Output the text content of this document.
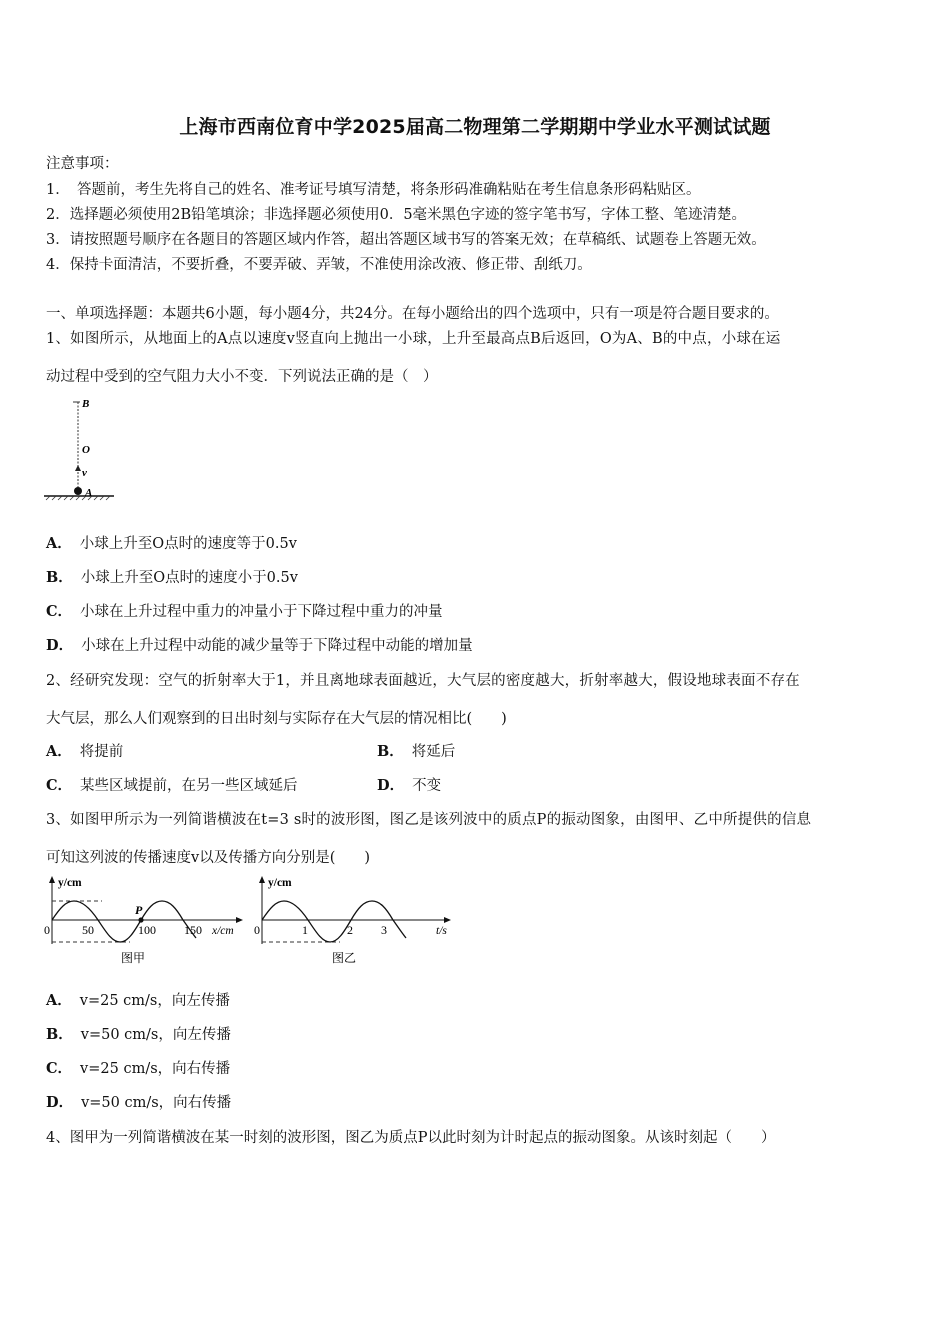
上海市西南位育中学2025届高二物理第二学期期中学业水平测试试题
注意事项：
1．　答题前，考生先将自己的姓名、准考证号填写清楚，将条形码准确粘贴在考生信息条形码粘贴区。
2．选择题必须使用2B铅笔填涂；非选择题必须使用0．5毫米黑色字迹的签字笔书写，字体工整、笔迹清楚。
3．请按照题号顺序在各题目的答题区域内作答，超出答题区域书写的答案无效；在草稿纸、试题卷上答题无效。
4．保持卡面清洁，不要折叠，不要弄破、弄皱，不准使用涂改液、修正带、刮纸刀。
一、单项选择题：本题共6小题，每小题4分，共24分。在每小题给出的四个选项中，只有一项是符合题目要求的。
1、如图所示，从地面上的A点以速度v竖直向上抛出一小球，上升至最高点B后返回，O为A、B的中点，小球在运
动过程中受到的空气阻力大小不变．下列说法正确的是（　）
B
O
v
A
A． 小球上升至O点时的速度等于0.5v
B． 小球上升至O点时的速度小于0.5v
C． 小球在上升过程中重力的冲量小于下降过程中重力的冲量
D． 小球在上升过程中动能的减少量等于下降过程中动能的增加量
2、经研究发现：空气的折射率大于1，并且离地球表面越近，大气层的密度越大，折射率越大，假设地球表面不存在
大气层，那么人们观察到的日出时刻与实际存在大气层的情况相比(　　)
A． 将提前	B． 将延后
C． 某些区域提前，在另一些区域延后	D． 不变
3、如图甲所示为一列简谐横波在t=3 s时的波形图，图乙是该列波中的质点P的振动图象，由图甲、乙中所提供的信息
可知这列波的传播速度v以及传播方向分别是(　　)
P
y/cm
0	50	100 150 x/cm
图甲
y/cm
0	1	2 3	t/s
图乙
A． v=25 cm/s，向左传播
B． v=50 cm/s，向左传播
C． v=25 cm/s，向右传播
D． v=50 cm/s，向右传播
4、图甲为一列简谐横波在某一时刻的波形图，图乙为质点P以此时刻为计时起点的振动图象。从该时刻起（　　）
